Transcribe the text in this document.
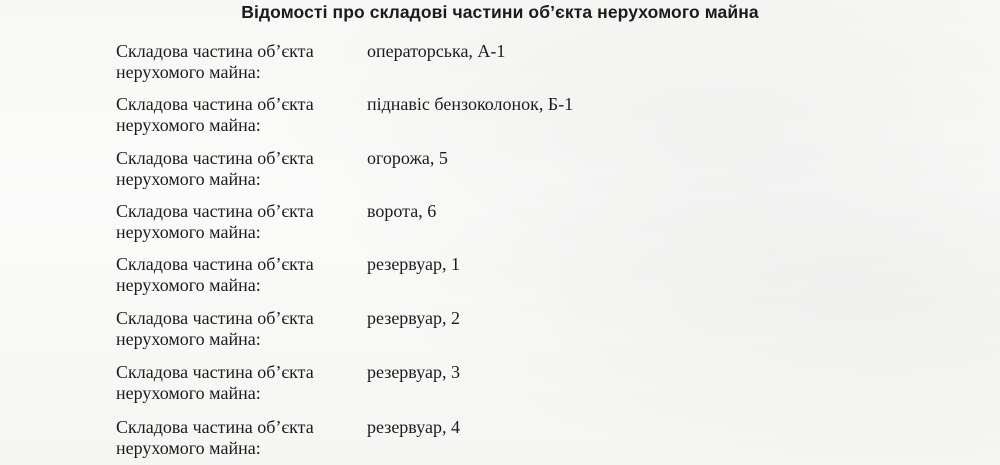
Відомості про складові частини об’єкта нерухомого майна
Складова частина об’єкта
нерухомого майна:
операторська, А-1
Складова частина об’єкта
нерухомого майна:
піднавіс бензоколонок, Б-1
Складова частина об’єкта
нерухомого майна:
огорожа, 5
Складова частина об’єкта
нерухомого майна:
ворота, 6
Складова частина об’єкта
нерухомого майна:
резервуар, 1
Складова частина об’єкта
нерухомого майна:
резервуар, 2
Складова частина об’єкта
нерухомого майна:
резервуар, 3
Складова частина об’єкта
нерухомого майна:
резервуар, 4
